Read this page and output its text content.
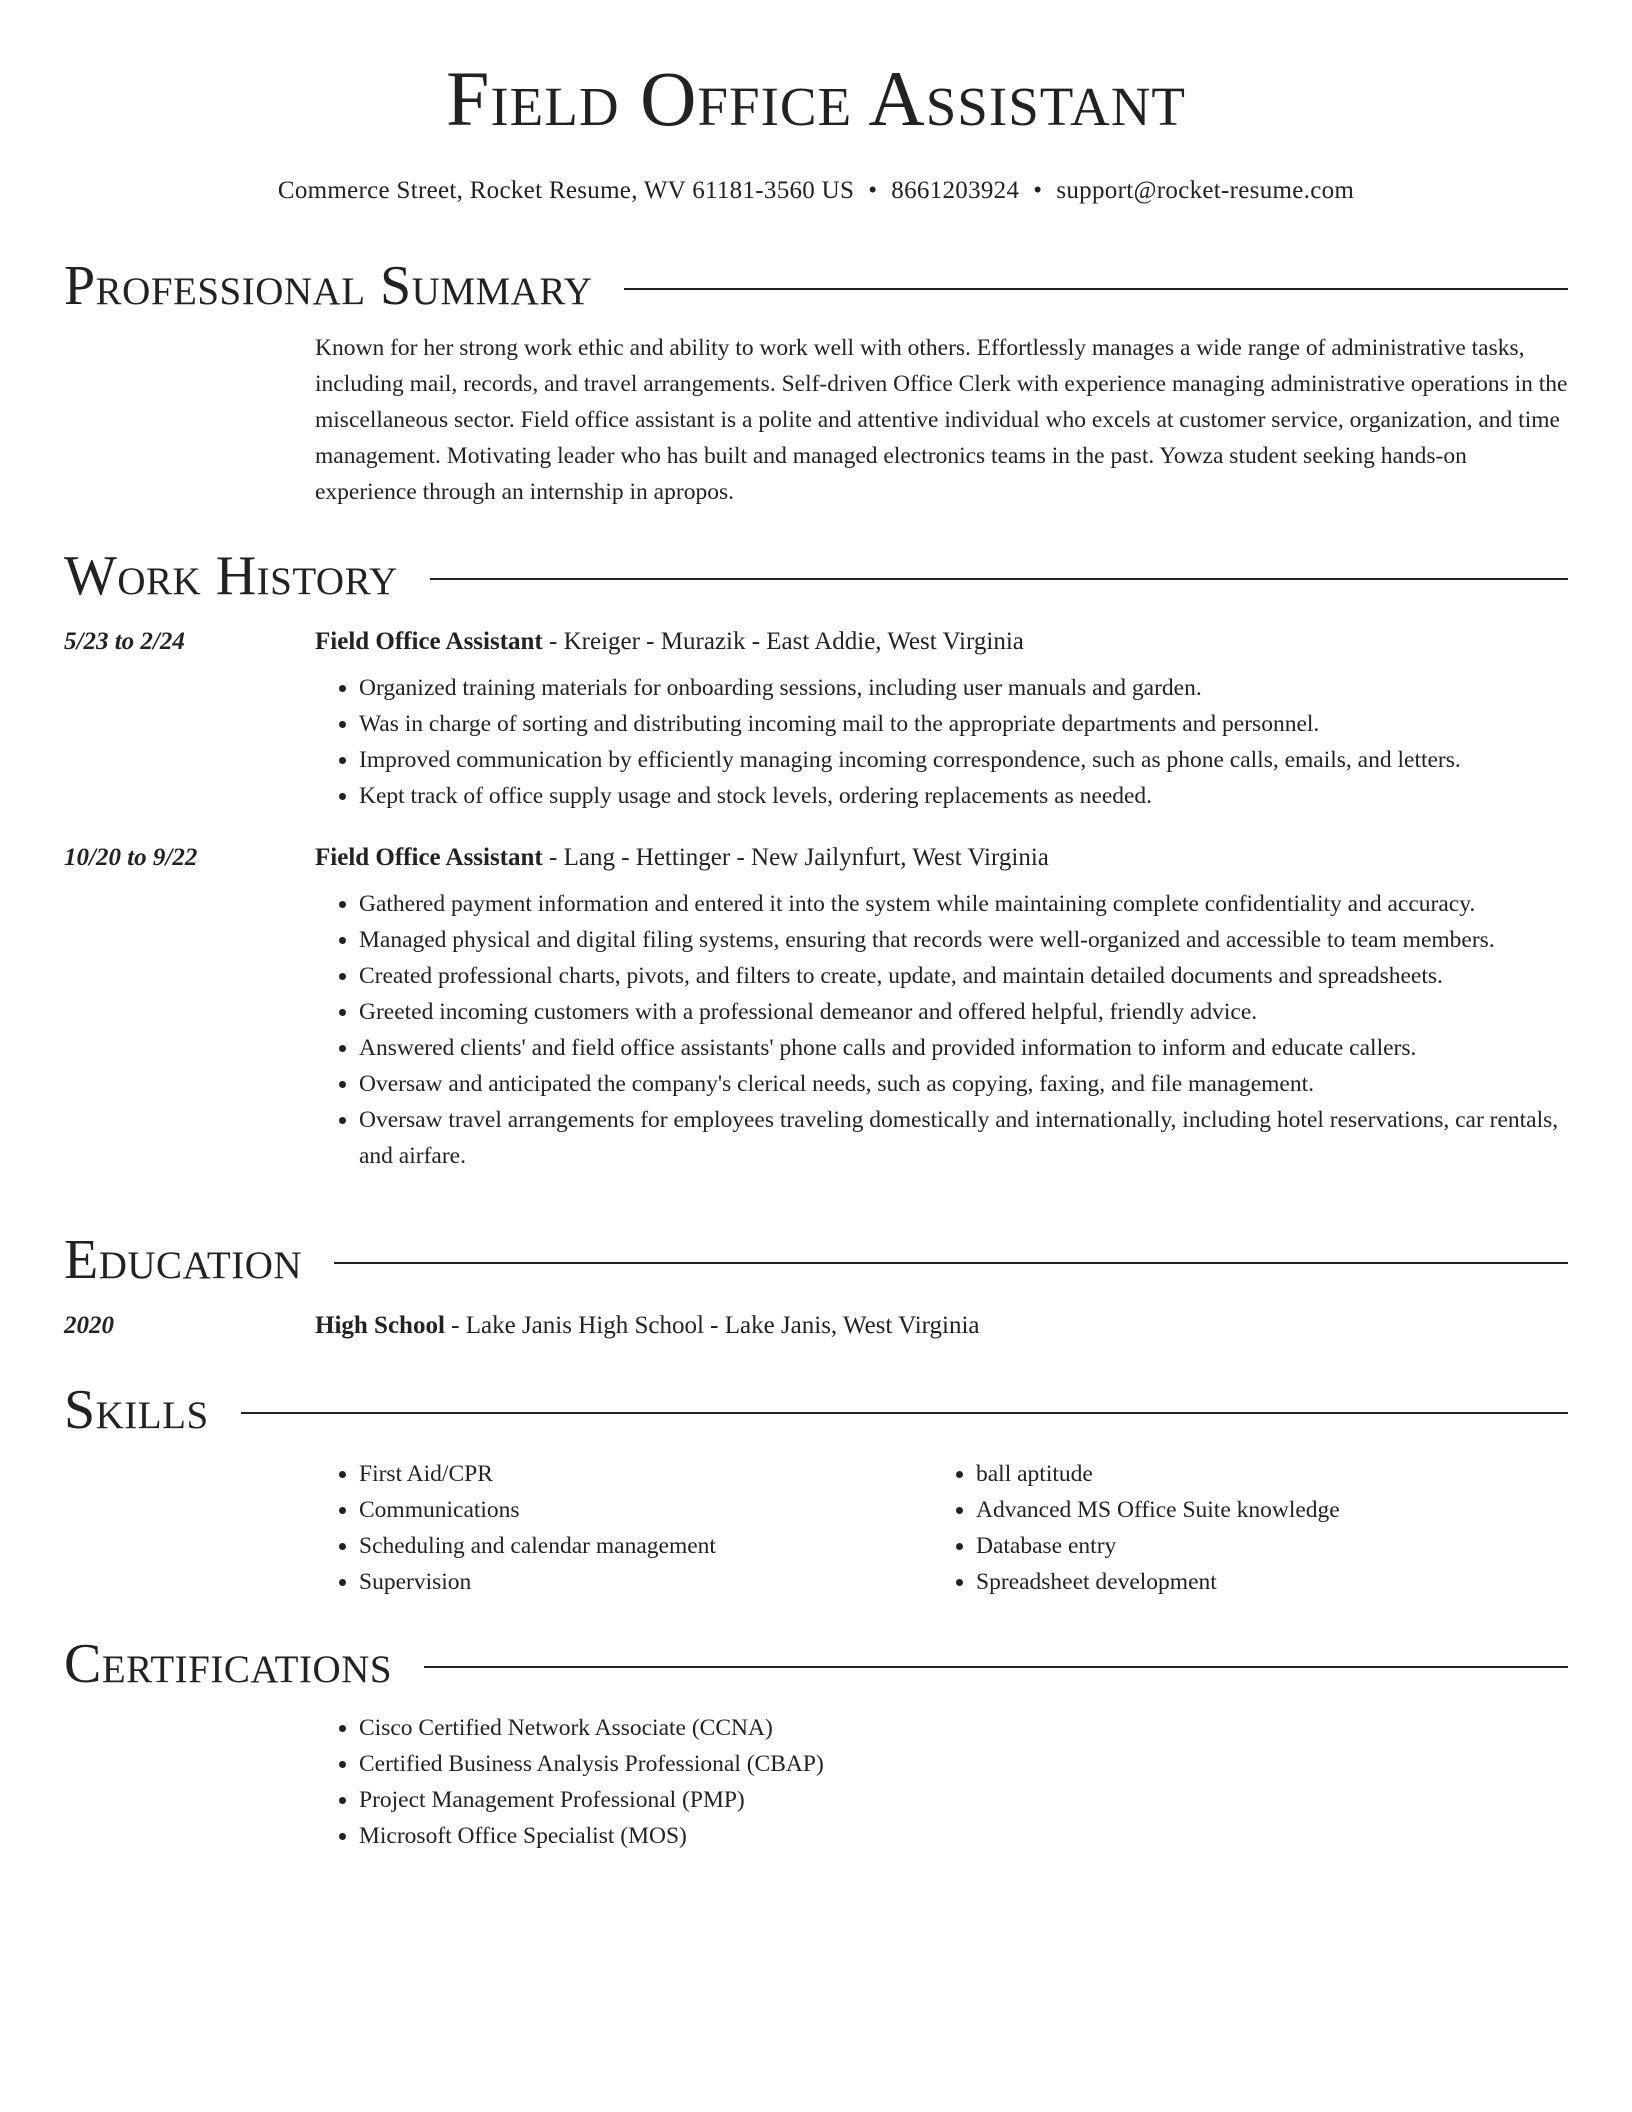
Field Office Assistant
Commerce Street, Rocket Resume, WV 61181-3560 US • 8661203924 • support@rocket-resume.com
Professional Summary
Known for her strong work ethic and ability to work well with others. Effortlessly manages a wide range of administrative tasks, including mail, records, and travel arrangements. Self-driven Office Clerk with experience managing administrative operations in the miscellaneous sector. Field office assistant is a polite and attentive individual who excels at customer service, organization, and time management. Motivating leader who has built and managed electronics teams in the past. Yowza student seeking hands-on experience through an internship in apropos.
Work History
5/23 to 2/24	Field Office Assistant - Kreiger - Murazik - East Addie, West Virginia
• Organized training materials for onboarding sessions, including user manuals and garden.
• Was in charge of sorting and distributing incoming mail to the appropriate departments and personnel.
• Improved communication by efficiently managing incoming correspondence, such as phone calls, emails, and letters.
• Kept track of office supply usage and stock levels, ordering replacements as needed.
10/20 to 9/22	Field Office Assistant - Lang - Hettinger - New Jailynfurt, West Virginia
• Gathered payment information and entered it into the system while maintaining complete confidentiality and accuracy.
• Managed physical and digital filing systems, ensuring that records were well-organized and accessible to team members.
• Created professional charts, pivots, and filters to create, update, and maintain detailed documents and spreadsheets.
• Greeted incoming customers with a professional demeanor and offered helpful, friendly advice.
• Answered clients' and field office assistants' phone calls and provided information to inform and educate callers.
• Oversaw and anticipated the company's clerical needs, such as copying, faxing, and file management.
• Oversaw travel arrangements for employees traveling domestically and internationally, including hotel reservations, car rentals, and airfare.
Education
2020	High School - Lake Janis High School - Lake Janis, West Virginia
Skills
• First Aid/CPR
• Communications
• Scheduling and calendar management
• Supervision
• ball aptitude
• Advanced MS Office Suite knowledge
• Database entry
• Spreadsheet development
Certifications
• Cisco Certified Network Associate (CCNA)
• Certified Business Analysis Professional (CBAP)
• Project Management Professional (PMP)
• Microsoft Office Specialist (MOS)
